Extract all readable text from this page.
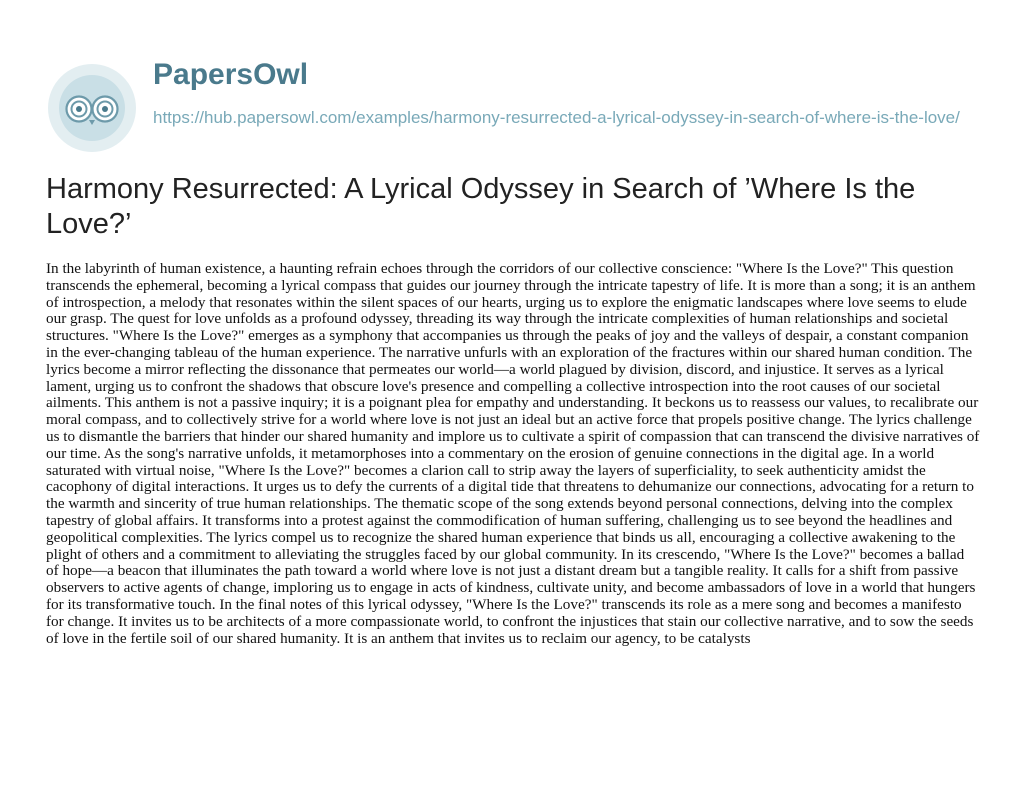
PapersOwl
https://hub.papersowl.com/examples/harmony-resurrected-a-lyrical-odyssey-in-search-of-where-is-the-love/
Harmony Resurrected: A Lyrical Odyssey in Search of ’Where Is the Love?’

In the labyrinth of human existence, a haunting refrain echoes through the corridors of our collective conscience: "Where Is the Love?" This question transcends the ephemeral, becoming a lyrical compass that guides our journey through the intricate tapestry of life. It is more than a song; it is an anthem of introspection, a melody that resonates within the silent spaces of our hearts, urging us to explore the enigmatic landscapes where love seems to elude our grasp. The quest for love unfolds as a profound odyssey, threading its way through the intricate complexities of human relationships and societal structures. "Where Is the Love?" emerges as a symphony that accompanies us through the peaks of joy and the valleys of despair, a constant companion in the ever-changing tableau of the human experience. The narrative unfurls with an exploration of the fractures within our shared human condition. The lyrics become a mirror reflecting the dissonance that permeates our world—a world plagued by division, discord, and injustice. It serves as a lyrical lament, urging us to confront the shadows that obscure love's presence and compelling a collective introspection into the root causes of our societal ailments. This anthem is not a passive inquiry; it is a poignant plea for empathy and understanding. It beckons us to reassess our values, to recalibrate our moral compass, and to collectively strive for a world where love is not just an ideal but an active force that propels positive change. The lyrics challenge us to dismantle the barriers that hinder our shared humanity and implore us to cultivate a spirit of compassion that can transcend the divisive narratives of our time. As the song's narrative unfolds, it metamorphoses into a commentary on the erosion of genuine connections in the digital age. In a world saturated with virtual noise, "Where Is the Love?" becomes a clarion call to strip away the layers of superficiality, to seek authenticity amidst the cacophony of digital interactions. It urges us to defy the currents of a digital tide that threatens to dehumanize our connections, advocating for a return to the warmth and sincerity of true human relationships. The thematic scope of the song extends beyond personal connections, delving into the complex tapestry of global affairs. It transforms into a protest against the commodification of human suffering, challenging us to see beyond the headlines and geopolitical complexities. The lyrics compel us to recognize the shared human experience that binds us all, encouraging a collective awakening to the plight of others and a commitment to alleviating the struggles faced by our global community. In its crescendo, "Where Is the Love?" becomes a ballad of hope—a beacon that illuminates the path toward a world where love is not just a distant dream but a tangible reality. It calls for a shift from passive observers to active agents of change, imploring us to engage in acts of kindness, cultivate unity, and become ambassadors of love in a world that hungers for its transformative touch. In the final notes of this lyrical odyssey, "Where Is the Love?" transcends its role as a mere song and becomes a manifesto for change. It invites us to be architects of a more compassionate world, to confront the injustices that stain our collective narrative, and to sow the seeds of love in the fertile soil of our shared humanity. It is an anthem that invites us to reclaim our agency, to be catalysts
